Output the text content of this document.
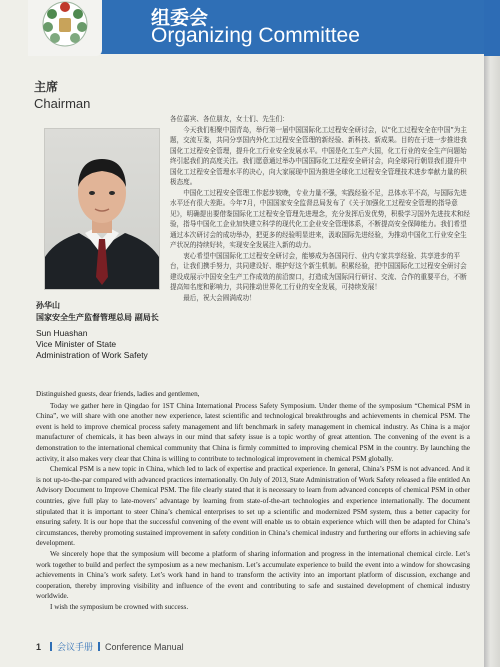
组委会
Organizing Committee
主席
Chairman
孙华山
国家安全生产监督管理总局 副局长
Sun Huashan
Vice Minister of State Administration of Work Safety

各位嘉宾、各位朋友，女士们、先生们：

今天我们相聚中国青岛，举行第一届中国国际化工过程安全研讨会，以“化工过程安全在中国”为主题，交流互鉴，共同分享国内外化工过程安全管理的新经验、新科技、新成果。目的在于进一步推进我国化工过程安全管理，提升化工行业安全发展水平。中国是化工生产大国，化工行业的安全生产问题始终引起我们的高度关注。我们愿意通过举办中国国际化工过程安全研讨会，向全球同行朝显我们提升中国化工过程安全管理水平的决心，向大家展现中国为推进全球化工过程安全管理技术进步奉献力量的积极态度。

中国化工过程安全管理工作起步较晚，专业力量不强，实践经验不足，总体水平不高，与国际先进水平还有很大差距。今年7月，中国国家安全监督总局发布了《关于加强化工过程安全管理的指导意见》，明确提出要借鉴国际化工过程安全管理先进理念，充分发挥后发优势，积极学习国外先进技术和经验，指导中国化工企业加快建立科学的现代化工企业安全管理体系，不断提高安全保障能力。我们希望通过本次研讨会的成功举办，把更多的经验明显进来，汲取国际先进经验，为推动中国化工行业安全生产状况的持续好转，实现安全发展注入新的动力。

衷心希望中国国际化工过程安全研讨会，能够成为各国同行、业内专家共享经验、共享进步的平台，让我们携手努力，共同建设好、维护好这个新生机制。积累经验，把中国国际化工过程安全研讨会建设成展示中国安全生产工作成效的前沿窗口，打造成为国际同行研讨、交流、合作的重要平台，不断提高知名度和影响力，共同推动世界化工行业的安全发展，可持续发展！

最后，祝大会圆满成功！

Distinguished guests, dear friends, ladies and gentlemen,

Today we gather here in Qingdao for 1ST China International Process Safety Symposium. Under theme of the symposium “Chemical PSM in China”, we will share with one another new experience, latest scientific and technological breakthroughs and achievements in chemical PSM. The event is held to improve chemical process safety management and lift benchmark in safety management in chemical industry. As China is a major manufacturer of chemicals, it has been always in our mind that safety issue is a topic worthy of great attention. The convening of the event is a demonstration to the international chemical community that China is firmly committed to improving chemical PSM in the country. By launching the activity, it also makes very clear that China is willing to contribute to technological improvement in chemical PSM globally.

Chemical PSM is a new topic in China, which led to lack of expertise and practical experience. In general, China’s PSM is not advanced. And it is not up-to-the-par compared with advanced practices internationally. On July of 2013, State Administration of Work Safety released a file entitled An Advisory Document to Improve Chemical PSM. The file clearly stated that it is necessary to learn from advanced concepts of chemical PSM in other countries, give full play to late-movers’ advantage by learning from state-of-the-art technologies and experience internationally. The document stipulated that it is important to steer China’s chemical enterprises to set up a scientific and modernized PSM system, thus a better capacity for ensuring safety. It is our hope that the successful convening of the event will enable us to obtain experience which will then be adapted for China’s circumstances, thereby promoting sustained improvement in safety condition in China’s chemical industry and furthering our efforts in achieving safe development.

We sincerely hope that the symposium will become a platform of sharing information and progress in the international chemical circle. Let’s work together to build and perfect the symposium as a new mechanism. Let’s accumulate experience to build the event into a window for showcasing achievements in China’s work safety. Let’s work hand in hand to transform the activity into an important platform of discussion, exchange and cooperation, thereby improving visibility and influence of the event and contributing to safe and sustained development of chemical industry worldwide.

I wish the symposium be crowned with success.

1 会议手册 Conference Manual
